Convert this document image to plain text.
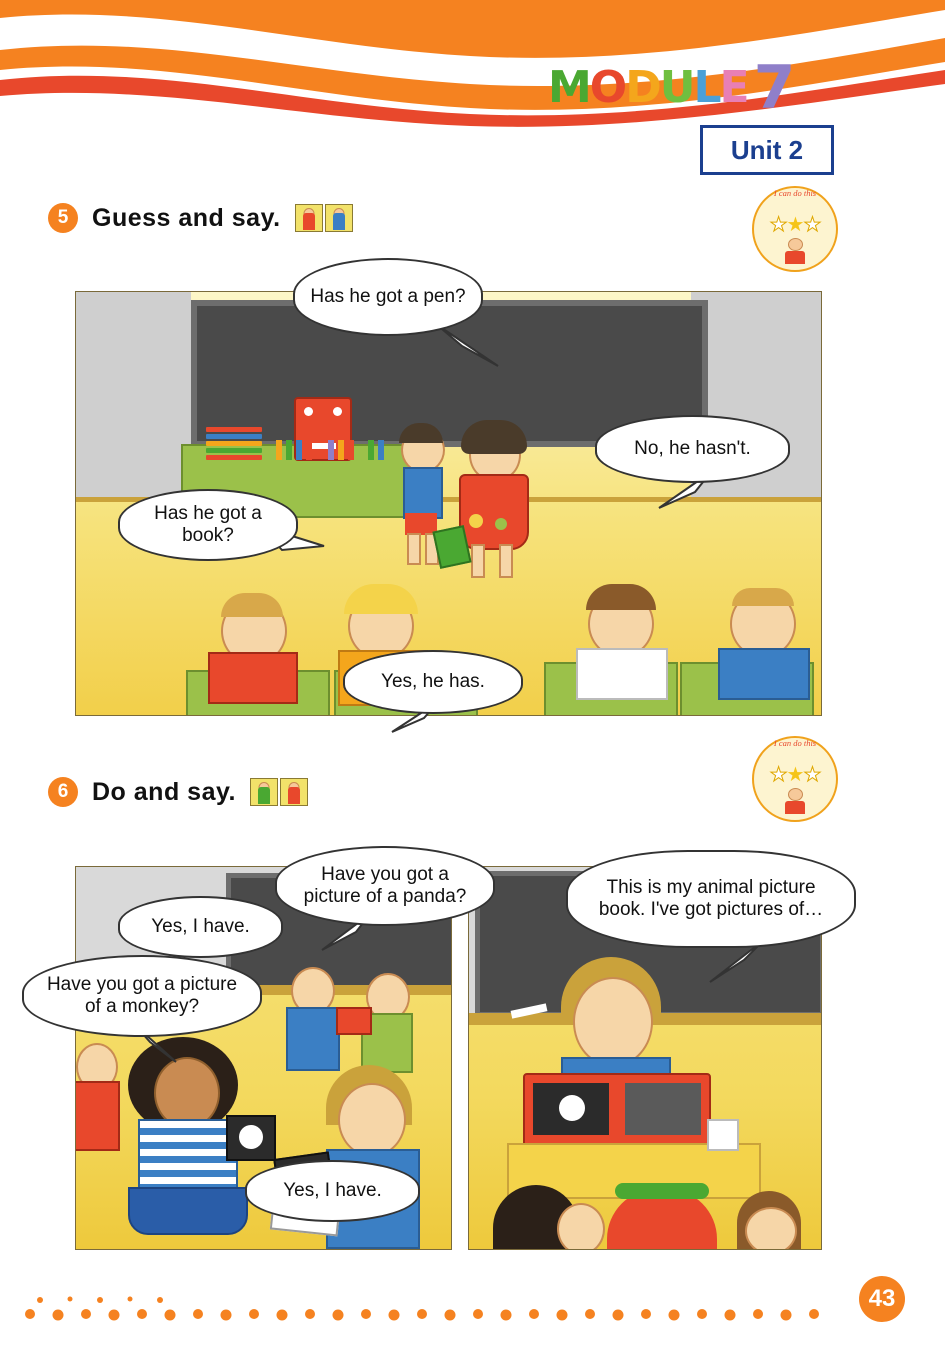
MODULE 7
Unit 2
5 Guess and say.
I can do this
★★★
Has he got a pen?
No, he hasn't.
Has he got a book?
Yes, he has.
6 Do and say.
I can do this
★★★
Have you got a picture of a panda?
Yes, I have.
Have you got a picture of a monkey?
Yes, I have.
This is my animal picture book. I've got pictures of…
43
